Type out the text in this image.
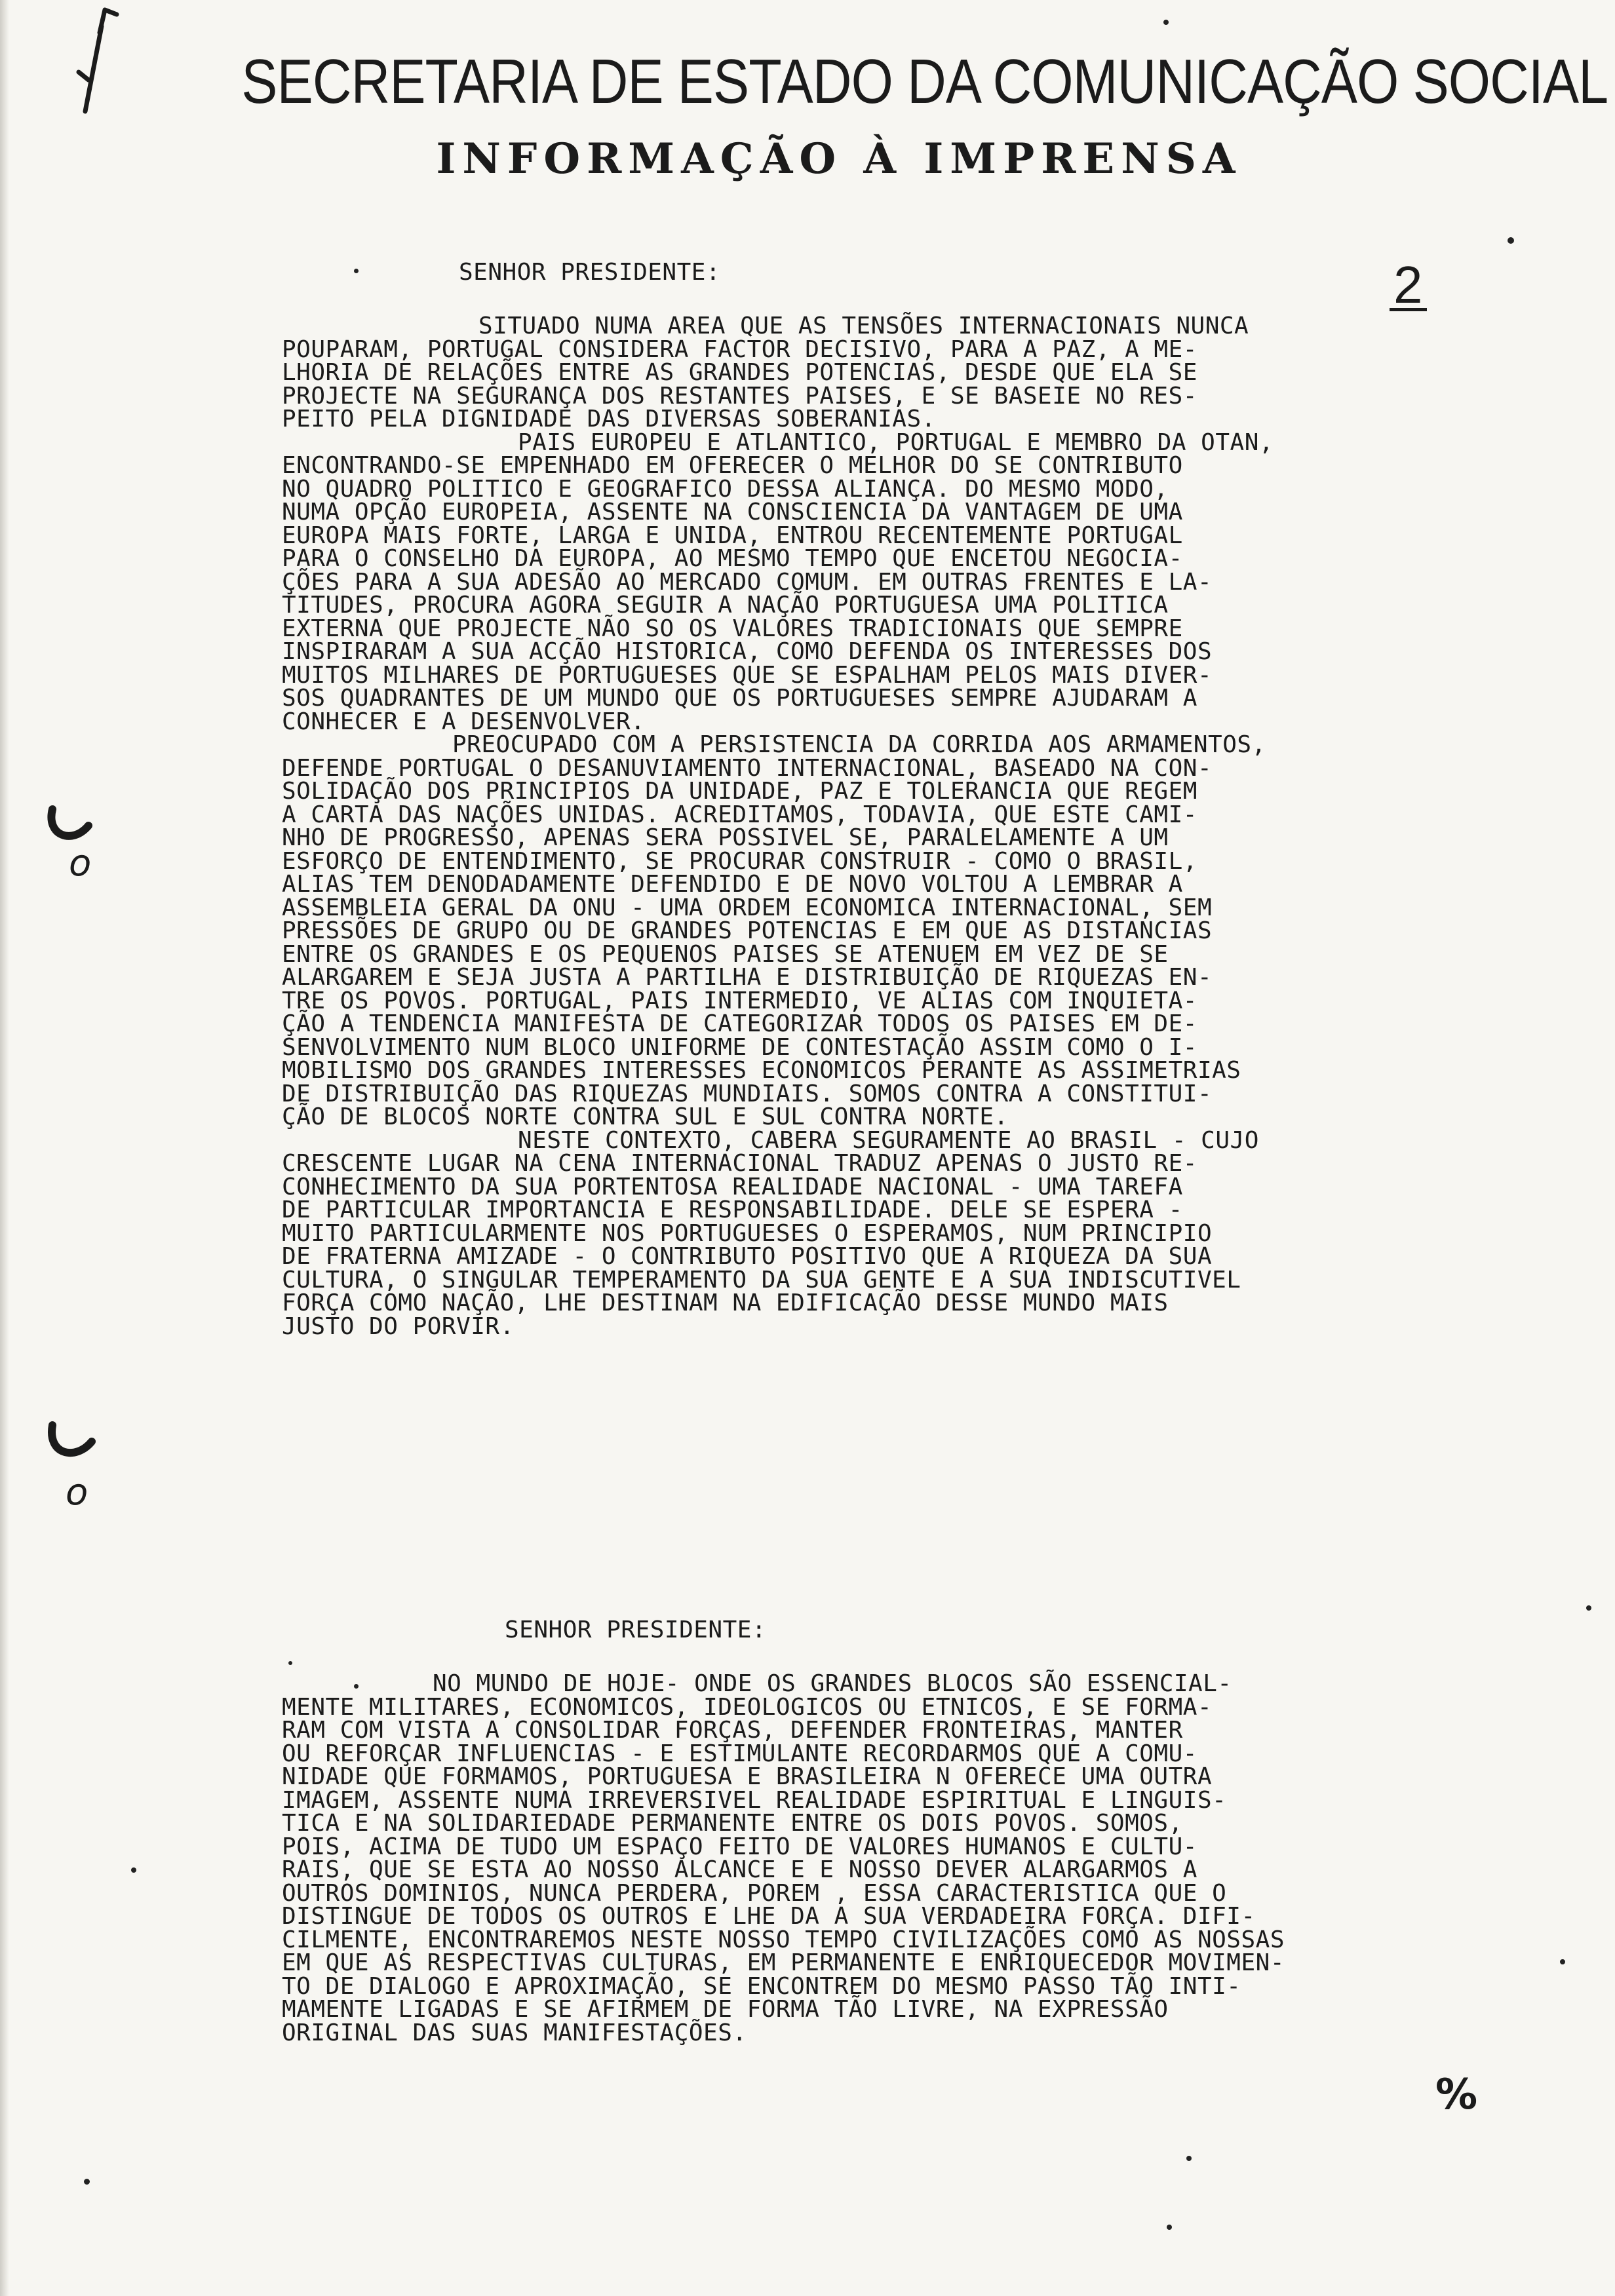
SECRETARIA DE ESTADO DA COMUNICAÇÃO SOCIAL
INFORMAÇÃO À IMPRENSA
2
SENHOR PRESIDENTE:
SITUADO NUMA AREA QUE AS TENSÕES INTERNACIONAIS NUNCA
POUPARAM, PORTUGAL CONSIDERA FACTOR DECISIVO, PARA A PAZ, A ME-
LHORIA DE RELAÇÕES ENTRE AS GRANDES POTENCIAS, DESDE QUE ELA SE
PROJECTE NA SEGURANÇA DOS RESTANTES PAISES, E SE BASEIE NO RES-
PEITO PELA DIGNIDADE DAS DIVERSAS SOBERANIAS.
PAIS EUROPEU E ATLANTICO, PORTUGAL E MEMBRO DA OTAN,
ENCONTRANDO-SE EMPENHADO EM OFERECER O MELHOR DO SE CONTRIBUTO
NO QUADRO POLITICO E GEOGRAFICO DESSA ALIANÇA. DO MESMO MODO,
NUMA OPÇÃO EUROPEIA, ASSENTE NA CONSCIENCIA DA VANTAGEM DE UMA
EUROPA MAIS FORTE, LARGA E UNIDA, ENTROU RECENTEMENTE PORTUGAL
PARA O CONSELHO DA EUROPA, AO MESMO TEMPO QUE ENCETOU NEGOCIA-
ÇÕES PARA A SUA ADESÃO AO MERCADO COMUM. EM OUTRAS FRENTES E LA-
TITUDES, PROCURA AGORA SEGUIR A NAÇÃO PORTUGUESA UMA POLITICA
EXTERNA QUE PROJECTE NÃO SO OS VALORES TRADICIONAIS QUE SEMPRE
INSPIRARAM A SUA ACÇÃO HISTORICA, COMO DEFENDA OS INTERESSES DOS
MUITOS MILHARES DE PORTUGUESES QUE SE ESPALHAM PELOS MAIS DIVER-
SOS QUADRANTES DE UM MUNDO QUE OS PORTUGUESES SEMPRE AJUDARAM A
CONHECER E A DESENVOLVER.
PREOCUPADO COM A PERSISTENCIA DA CORRIDA AOS ARMAMENTOS,
DEFENDE PORTUGAL O DESANUVIAMENTO INTERNACIONAL, BASEADO NA CON-
SOLIDAÇÃO DOS PRINCIPIOS DA UNIDADE, PAZ E TOLERANCIA QUE REGEM
A CARTA DAS NAÇÕES UNIDAS. ACREDITAMOS, TODAVIA, QUE ESTE CAMI-
NHO DE PROGRESSO, APENAS SERA POSSIVEL SE, PARALELAMENTE A UM
ESFORÇO DE ENTENDIMENTO, SE PROCURAR CONSTRUIR - COMO O BRASIL,
ALIAS TEM DENODADAMENTE DEFENDIDO E DE NOVO VOLTOU A LEMBRAR A
ASSEMBLEIA GERAL DA ONU - UMA ORDEM ECONOMICA INTERNACIONAL, SEM
PRESSÕES DE GRUPO OU DE GRANDES POTENCIAS E EM QUE AS DISTANCIAS
ENTRE OS GRANDES E OS PEQUENOS PAISES SE ATENUEM EM VEZ DE SE
ALARGAREM E SEJA JUSTA A PARTILHA E DISTRIBUIÇÃO DE RIQUEZAS EN-
TRE OS POVOS. PORTUGAL, PAIS INTERMEDIO, VE ALIAS COM INQUIETA-
ÇÃO A TENDENCIA MANIFESTA DE CATEGORIZAR TODOS OS PAISES EM DE-
SENVOLVIMENTO NUM BLOCO UNIFORME DE CONTESTAÇÃO ASSIM COMO O I-
MOBILISMO DOS GRANDES INTERESSES ECONOMICOS PERANTE AS ASSIMETRIAS
DE DISTRIBUIÇÃO DAS RIQUEZAS MUNDIAIS. SOMOS CONTRA A CONSTITUI-
ÇÃO DE BLOCOS NORTE CONTRA SUL E SUL CONTRA NORTE.
NESTE CONTEXTO, CABERA SEGURAMENTE AO BRASIL - CUJO
CRESCENTE LUGAR NA CENA INTERNACIONAL TRADUZ APENAS O JUSTO RE-
CONHECIMENTO DA SUA PORTENTOSA REALIDADE NACIONAL - UMA TAREFA
DE PARTICULAR IMPORTANCIA E RESPONSABILIDADE. DELE SE ESPERA -
MUITO PARTICULARMENTE NOS PORTUGUESES O ESPERAMOS, NUM PRINCIPIO
DE FRATERNA AMIZADE - O CONTRIBUTO POSITIVO QUE A RIQUEZA DA SUA
CULTURA, O SINGULAR TEMPERAMENTO DA SUA GENTE E A SUA INDISCUTIVEL
FORÇA COMO NAÇÃO, LHE DESTINAM NA EDIFICAÇÃO DESSE MUNDO MAIS
JUSTO DO PORVIR.
SENHOR PRESIDENTE:
NO MUNDO DE HOJE- ONDE OS GRANDES BLOCOS SÃO ESSENCIAL-
MENTE MILITARES, ECONOMICOS, IDEOLOGICOS OU ETNICOS, E SE FORMA-
RAM COM VISTA A CONSOLIDAR FORÇAS, DEFENDER FRONTEIRAS, MANTER
OU REFORÇAR INFLUENCIAS - E ESTIMULANTE RECORDARMOS QUE A COMU-
NIDADE QUE FORMAMOS, PORTUGUESA E BRASILEIRA N OFERECE UMA OUTRA
IMAGEM, ASSENTE NUMA IRREVERSIVEL REALIDADE ESPIRITUAL E LINGUIS-
TICA E NA SOLIDARIEDADE PERMANENTE ENTRE OS DOIS POVOS. SOMOS,
POIS, ACIMA DE TUDO UM ESPAÇO FEITO DE VALORES HUMANOS E CULTU-
RAIS, QUE SE ESTA AO NOSSO ALCANCE E E NOSSO DEVER ALARGARMOS A
OUTROS DOMINIOS, NUNCA PERDERA, POREM , ESSA CARACTERISTICA QUE O
DISTINGUE DE TODOS OS OUTROS E LHE DA A SUA VERDADEIRA FORÇA. DIFI-
CILMENTE, ENCONTRAREMOS NESTE NOSSO TEMPO CIVILIZAÇÕES COMO AS NOSSAS
EM QUE AS RESPECTIVAS CULTURAS, EM PERMANENTE E ENRIQUECEDOR MOVIMEN-
TO DE DIALOGO E APROXIMAÇÃO, SE ENCONTREM DO MESMO PASSO TÃO INTI-
MAMENTE LIGADAS E SE AFIRMEM DE FORMA TÃO LIVRE, NA EXPRESSÃO
ORIGINAL DAS SUAS MANIFESTAÇÕES.
o
o
%
